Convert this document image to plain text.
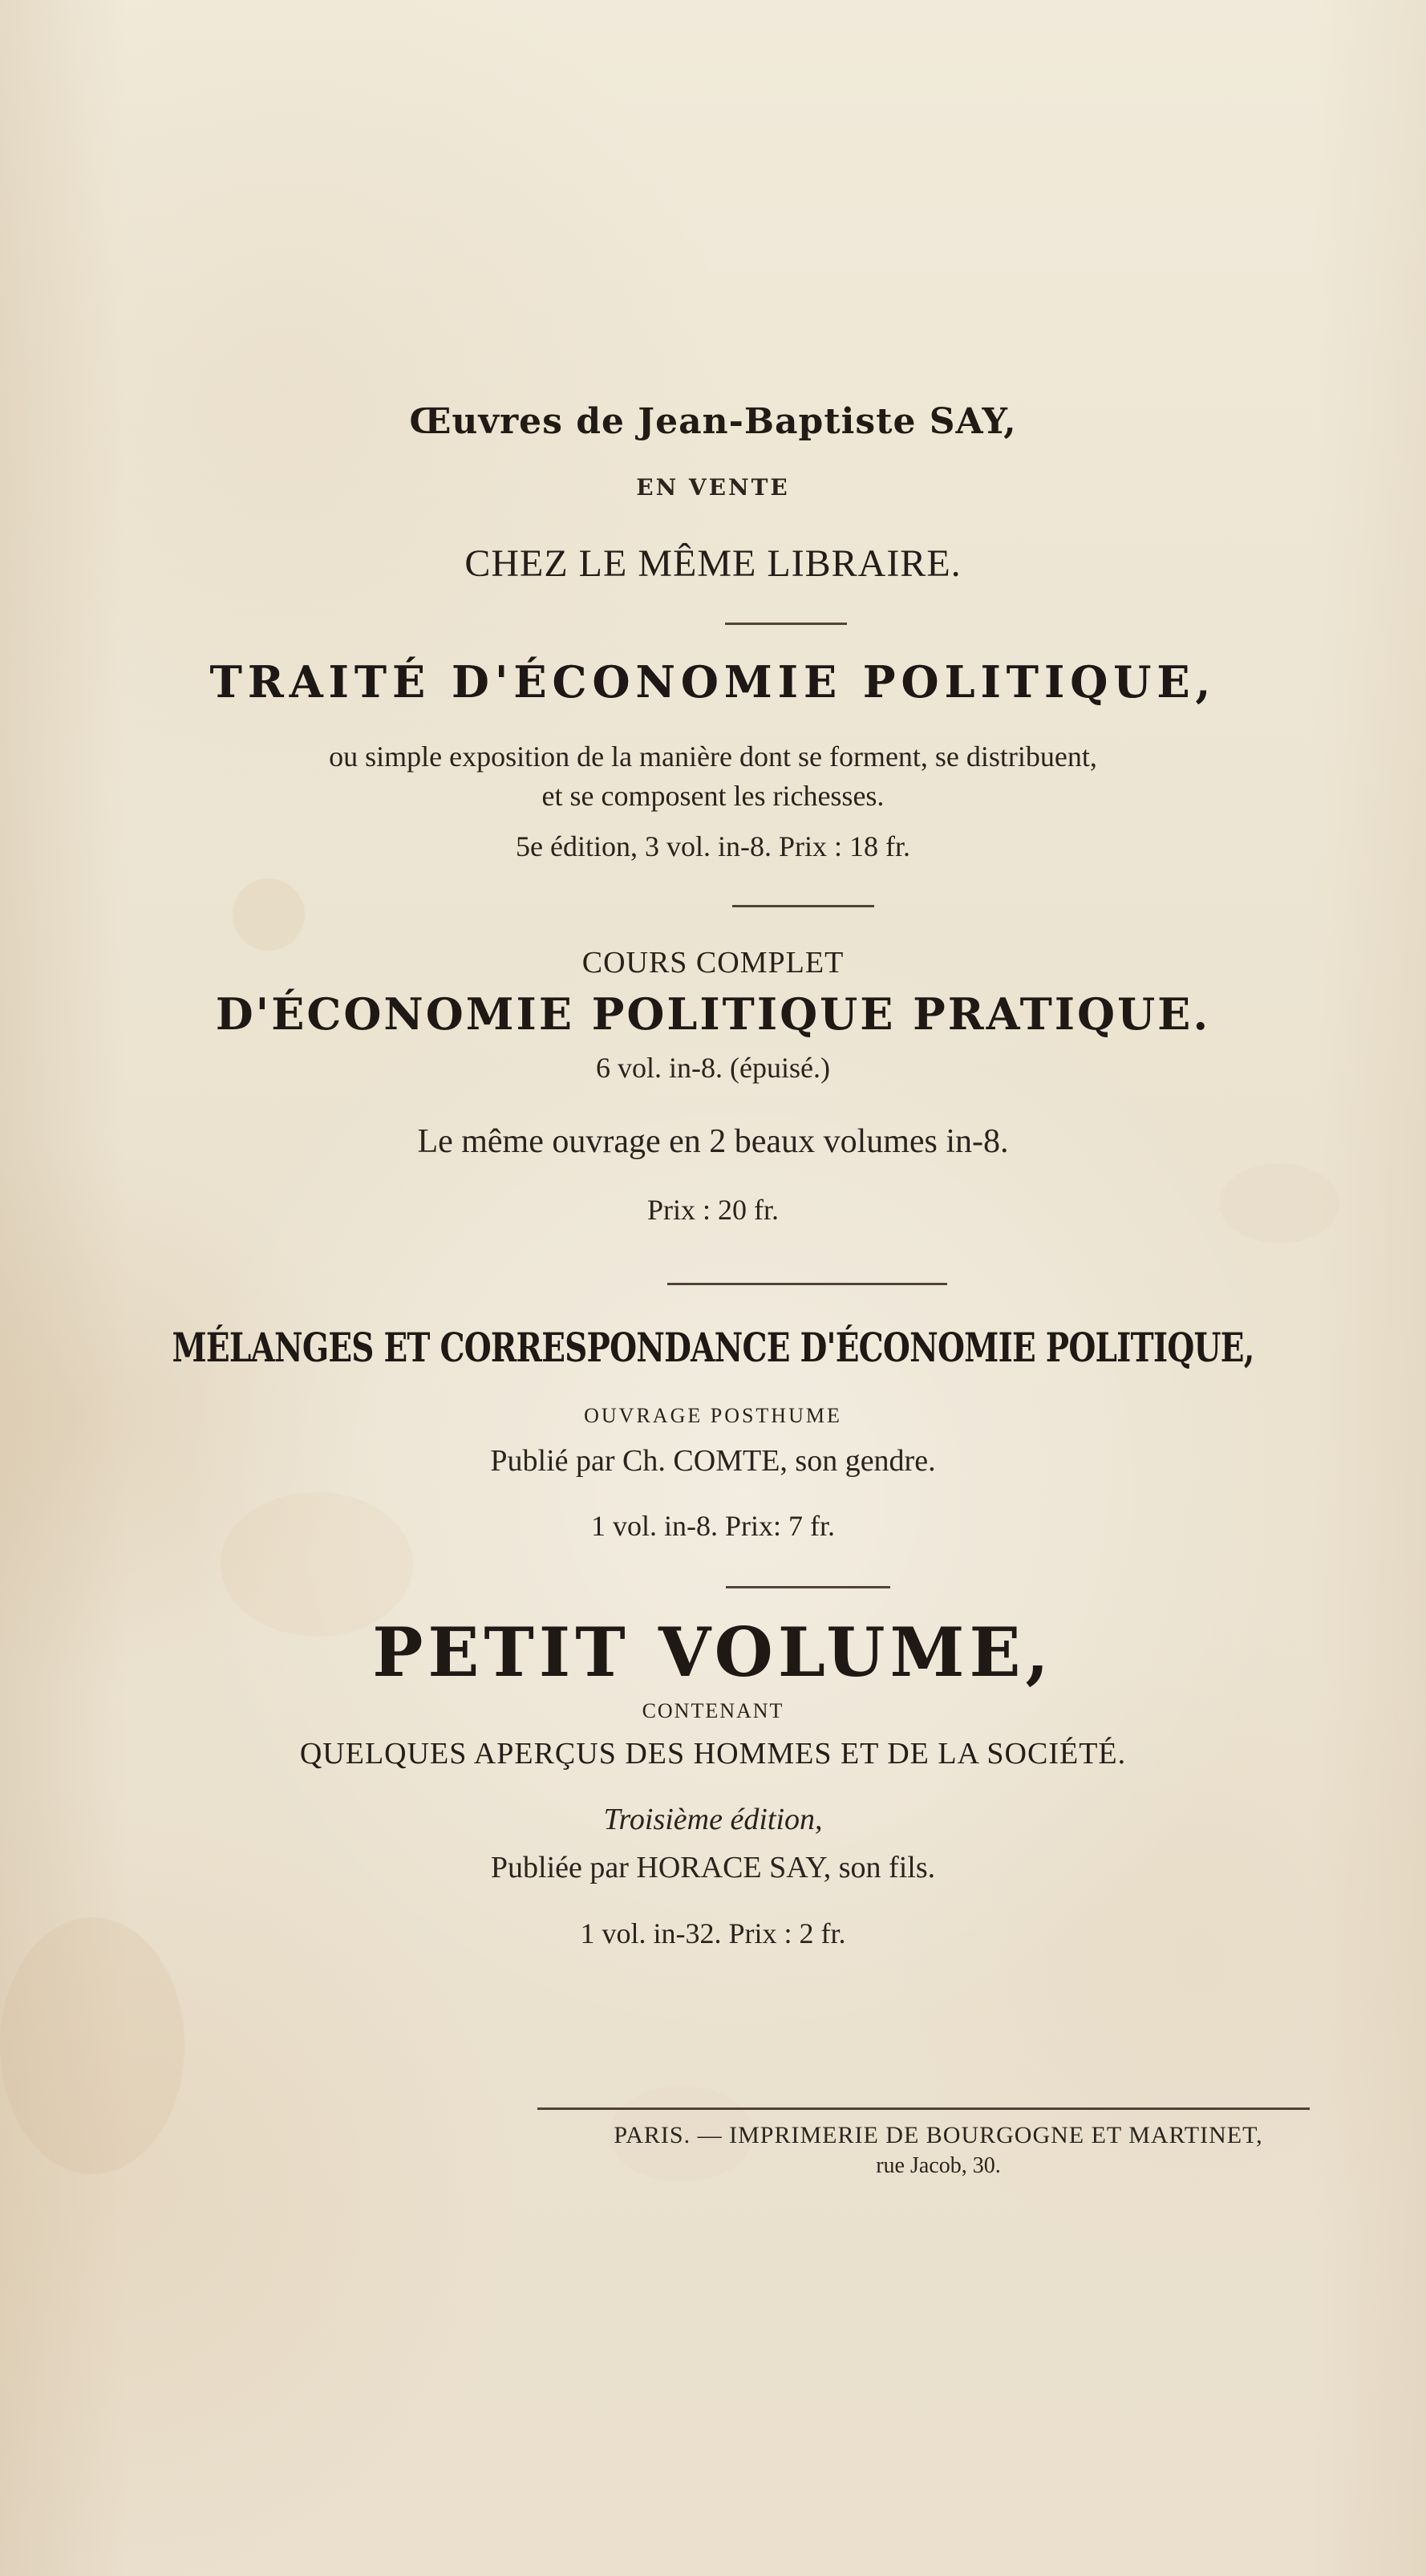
Œuvres de Jean-Baptiste SAY,
EN VENTE
CHEZ LE MÊME LIBRAIRE.
TRAITÉ D'ÉCONOMIE POLITIQUE,
ou simple exposition de la manière dont se forment, se distribuent,
et se composent les richesses.
5e édition, 3 vol. in-8. Prix : 18 fr.
COURS COMPLET
D'ÉCONOMIE POLITIQUE PRATIQUE.
6 vol. in-8. (épuisé.)
Le même ouvrage en 2 beaux volumes in-8.
Prix : 20 fr.
MÉLANGES ET CORRESPONDANCE D'ÉCONOMIE POLITIQUE,
OUVRAGE POSTHUME
Publié par Ch. COMTE, son gendre.
1 vol. in-8. Prix: 7 fr.
PETIT VOLUME,
CONTENANT
QUELQUES APERÇUS DES HOMMES ET DE LA SOCIÉTÉ.
Troisième édition,
Publiée par HORACE SAY, son fils.
1 vol. in-32. Prix : 2 fr.
PARIS. — IMPRIMERIE DE BOURGOGNE ET MARTINET,
rue Jacob, 30.
